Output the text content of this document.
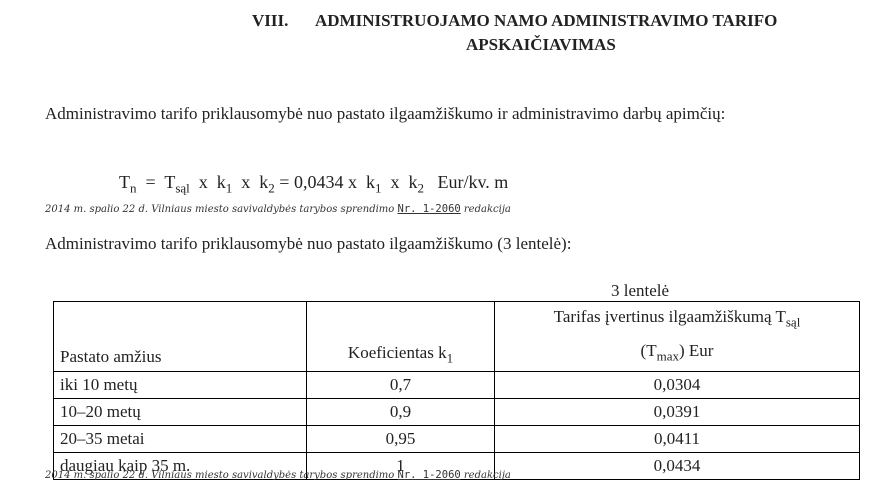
VIII. ADMINISTRUOJAMO NAMO ADMINISTRAVIMO TARIFO
APSKAIČIAVIMAS
Administravimo tarifo priklausomybė nuo pastato ilgaamžiškumo ir administravimo darbų apimčių:
$T_n = T_{sąl}$ x $k_1$ x $k_2 = 0,0434$ x $k_1$ x $k_2$ Eur/kv. m
2014 m. spalio 22 d. Vilniaus miesto savivaldybės tarybos sprendimo Nr. 1-2060 redakcija
Administravimo tarifo priklausomybė nuo pastato ilgaamžiškumo (3 lentelė):
3 lentelė
Pastato amžius	Koeficientas $k_1$	Tarifas įvertinus ilgaamžiškumą $T_{sąl}$
$(T_{max})$ Eur
iki 10 metų	0,7	0,0304
10–20 metų	0,9	0,0391
20–35 metai	0,95	0,0411
daugiau kaip 35 m.	1	0,0434
2014 m. spalio 22 d. Vilniaus miesto savivaldybės tarybos sprendimo Nr. 1-2060 redakcija
